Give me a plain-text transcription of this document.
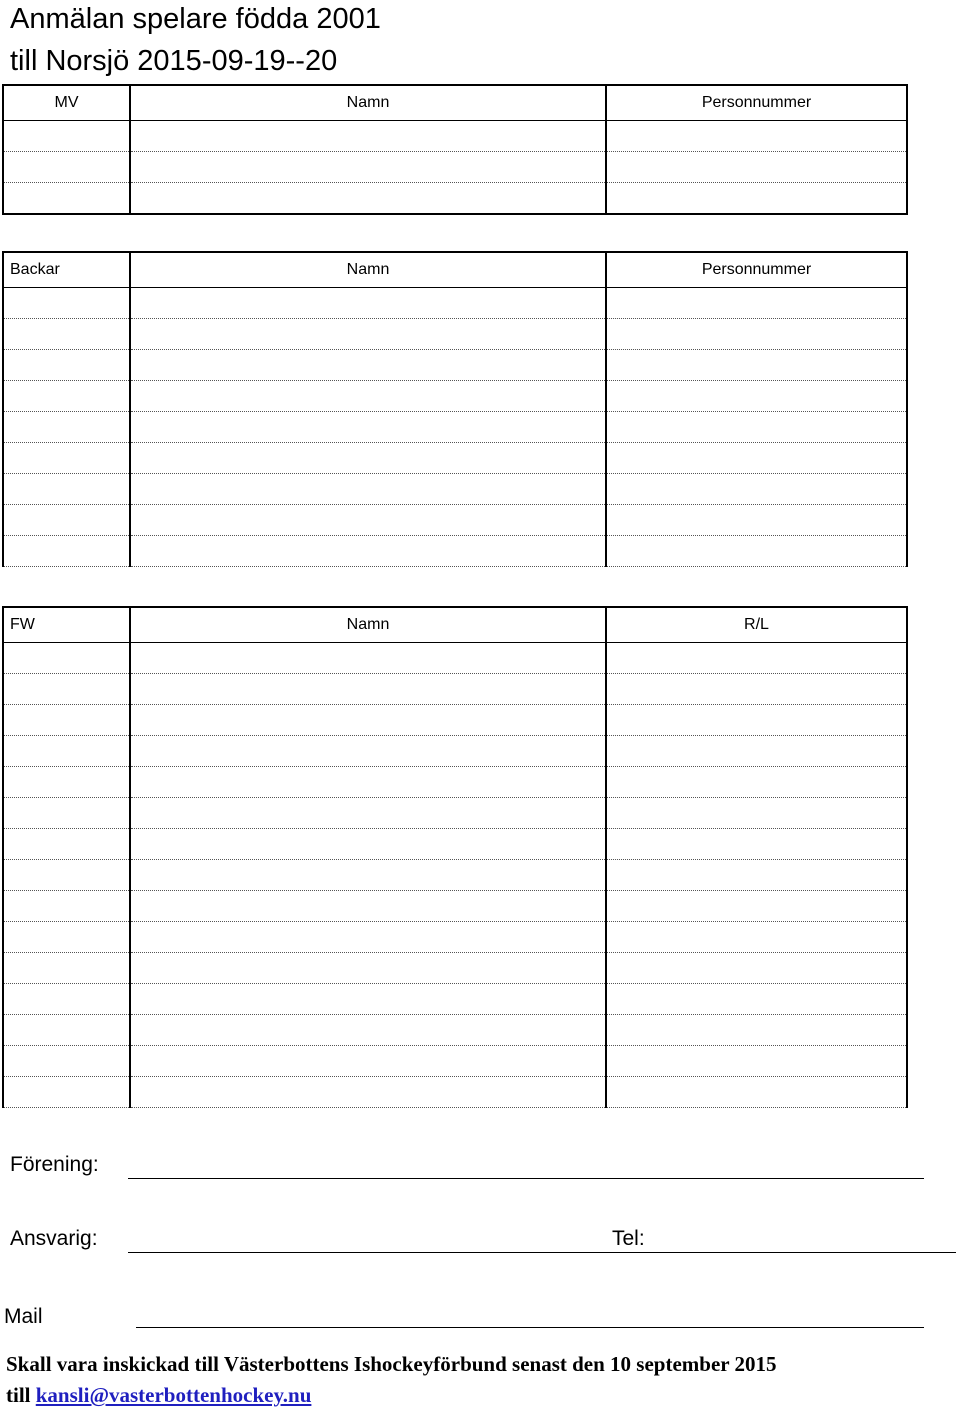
Anmälan spelare födda 2001
till Norsjö 2015-09-19--20
MV	Namn	Personnummer

Backar	Namn	Personnummer

FW	Namn	R/L

Förening:
Ansvarig:	Tel:
Mail
Skall vara inskickad till Västerbottens Ishockeyförbund senast den 10 september 2015
till kansli@vasterbottenhockey.nu
